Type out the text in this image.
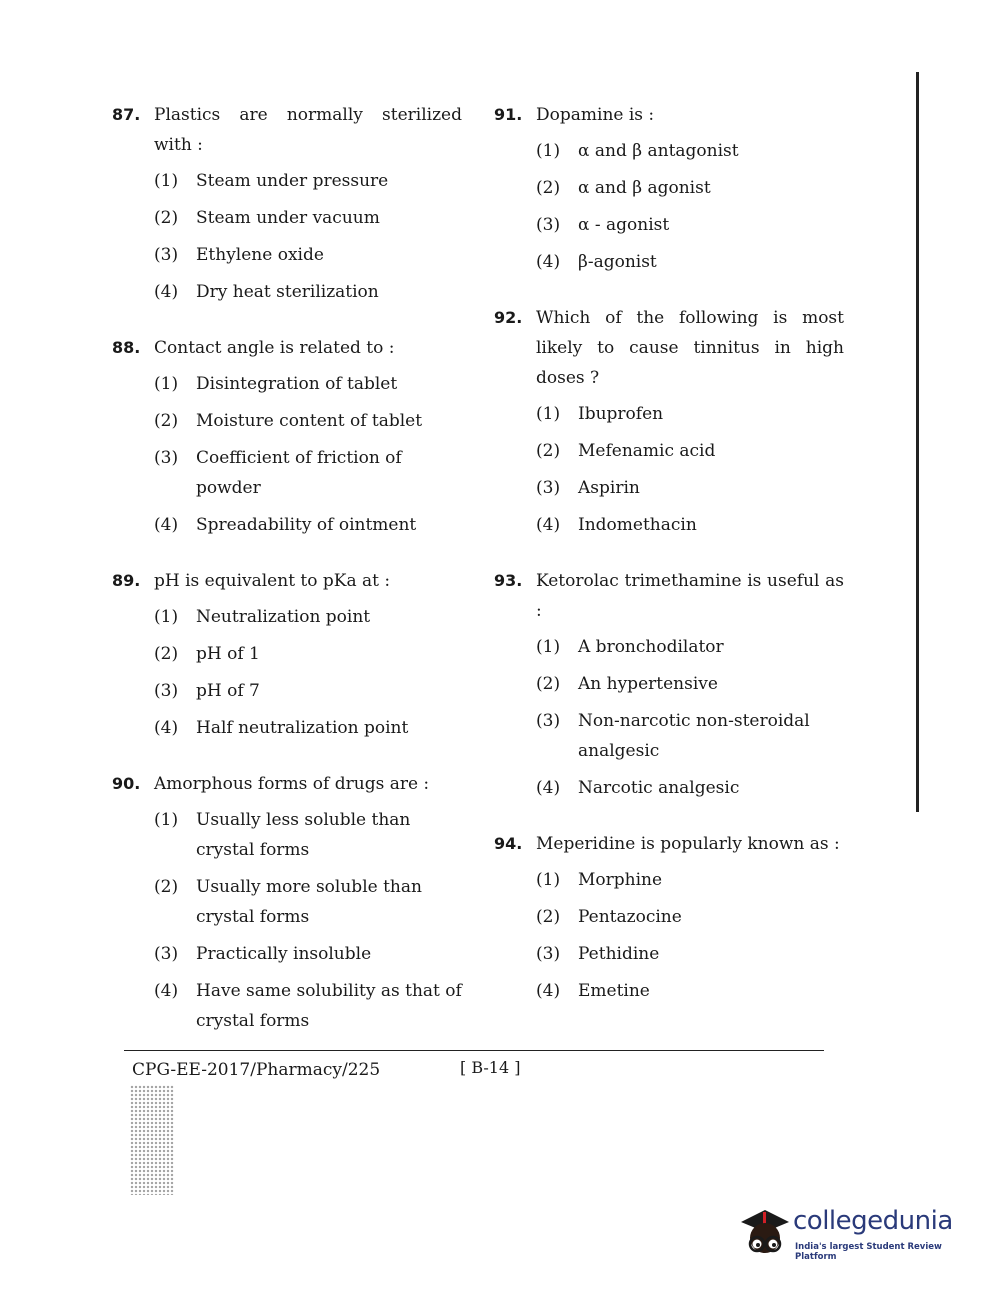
87. Plastics are normally sterilized with :
(1)	Steam under pressure
(2)	Steam under vacuum
(3)	Ethylene oxide
(4)	Dry heat sterilization
88. Contact angle is related to :
(1)	Disintegration of tablet
(2)	Moisture content of tablet
(3)	Coefficient of friction of powder
(4)	Spreadability of ointment
89. pH is equivalent to pKa at :
(1)	Neutralization point
(2)	pH of 1
(3)	pH of 7
(4)	Half neutralization point
90. Amorphous forms of drugs are :
(1)	Usually less soluble than crystal forms
(2)	Usually more soluble than crystal forms
(3)	Practically insoluble
(4)	Have same solubility as that of crystal forms
91. Dopamine is :
(1)	α and β antagonist
(2)	α and β agonist
(3)	α - agonist
(4)	β-agonist
92. Which of the following is most likely to cause tinnitus in high doses ?
(1)	Ibuprofen
(2)	Mefenamic acid
(3)	Aspirin
(4)	Indomethacin
93. Ketorolac trimethamine is useful as :
(1)	A bronchodilator
(2)	An hypertensive
(3)	Non-narcotic non-steroidal analgesic
(4)	Narcotic analgesic
94. Meperidine is popularly known as :
(1)	Morphine
(2)	Pentazocine
(3)	Pethidine
(4)	Emetine
CPG-EE-2017/Pharmacy/225	[ B-14 ]
collegedunia
India's largest Student Review Platform
